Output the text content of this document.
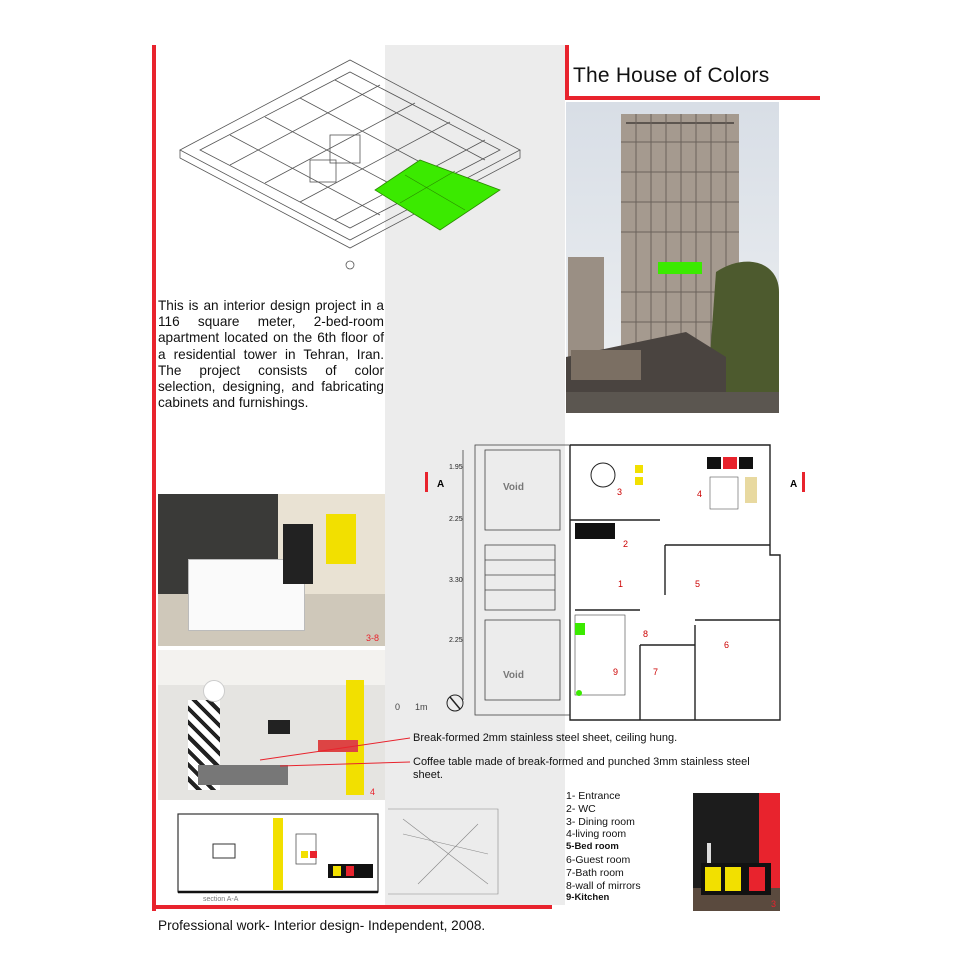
The House of Colors
This is an interior design project in a 116 square meter, 2-bed-room apartment located on the 6th floor of a residential tower in Tehran, Iran. The project consists of color selection, designing, and fabricating cabinets and furnishings.
Void
Void
1.95
2.25
3.30
2.25
A	A
0 1m
3	4
2
1	5
8
6
9	7
3-8
4
Break-formed 2mm stainless steel sheet, ceiling hung.
Coffee table made of break-formed and punched 3mm stainless steel sheet.
section A-A
1- Entrance
2- WC
3- Dining room
4-living room
5-Bed room
6-Guest room
7-Bath room
8-wall of mirrors
9-Kitchen
3
Professional work- Interior design- Independent, 2008.
